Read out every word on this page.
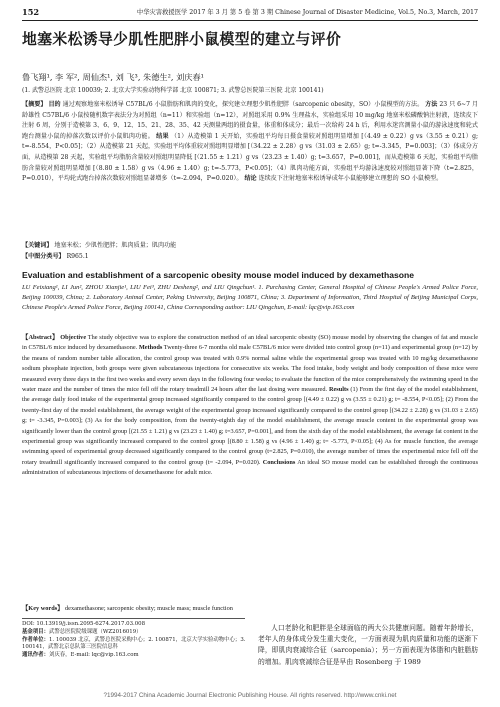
152	中华灾害救援医学 2017 年 3 月 第 5 卷 第 3 期 Chinese Journal of Disaster Medicine, Vol.5, No.3, March, 2017
地塞米松诱导少肌性肥胖小鼠模型的建立与评价
鲁飞翔¹, 李 军², 周仙杰¹, 刘 飞³, 朱德生², 刘庆春¹
(1. 武警总医院 北京 100039; 2. 北京大学实验动物科学部 北京 100871; 3. 武警总医院第三医院 北京 100141)
【摘要】 目的 通过观察地塞米松诱导 C57BL/6 小鼠脂肪和肌肉的变化，探究建立理想少肌性肥胖（sarcopenic obesity，SO）小鼠模型的方法。 方法 23 只 6~7 月龄雄性 C57BL/6 小鼠按随机数字表法分为对照组（n=11）和实验组（n=12），对照组采用 0.9% 生理盐水，实验组采用 10 mg/kg 地塞米松磷酸钠注射液，连续皮下注射 6 周，分别于造模第 3、6、9、12、15、21、28、35、42 天测量两组的摄食量，体重和体成分；最后一次给药 24 h 后，利用水迷宫测量小鼠的游泳速度和轮式跑台测量小鼠的掉落次数以评价小鼠肌肉功能。 结果 （1）从造模第 1 天开始，实验组平均每日摄食量较对照组明显增加 [（4.49 ± 0.22）g vs（3.55 ± 0.21）g; t=-8.554，P<0.05]；（2）从造模第 21 天起，实验组平均体重较对照组明显增加 [（34.22 ± 2.28）g vs（31.03 ± 2.65）g; t=-3.345，P=0.003]；（3）体成分方面，从造模第 28 天起，实验组平均脂肪含量较对照组明显降低 [（21.55 ± 1.21）g vs（23.23 ± 1.40）g; t=3.657，P=0.001]，而从造模第 6 天起，实验组平均脂肪含量较对照组明显增加 [（8.80 ± 1.58）g vs（4.96 ± 1.40）g; t=-5.773，P<0.05]；（4）肌肉功能方面，实验组平均游泳速度较对照组显著下降（t=2.825，P=0.010），平均轮式跑台掉落次数较对照组显著增多（t=-2.094，P=0.020）。 结论 连续皮下注射地塞米松诱导成年小鼠能够建立理想的 SO 小鼠模型。
【关键词】 地塞米松；少肌性肥胖；肌肉质量；肌肉功能
【中图分类号】 R965.1
Evaluation and establishment of a sarcopenic obesity mouse model induced by dexamethasone
LU Feixiang¹, LI Jun², ZHOU Xianjie¹, LIU Fei³, ZHU Desheng², and LIU Qingchun¹. 1. Purchasing Center, General Hospital of Chinese People's Armed Police Force, Beijing 100039, China; 2. Laboratory Animal Center, Peking University, Beijing 100871, China; 3. Department of Information, Third Hospital of Beijing Municipal Corps, Chinese People's Armed Police Force, Beijing 100141, China Corresponding author: LIU Qingchun, E-mail: lqc@vip.163.com
【Abstract】 Objective The study objective was to explore the construction method of an ideal sarcopenic obesity (SO) mouse model by observing the changes of fat and muscle in C57BL/6 mice induced by dexamethasone. Methods Twenty-three 6-7 months old male C57BL/6 mice were divided into control group (n=11) and experimental group (n=12) by the means of random number table allocation, the control group was treated with 0.9% normal saline while the experimental group was treated with 10 mg/kg dexamethasone sodium phosphate injection, both groups were given subcutaneous injections for consecutive six weeks. The food intake, body weight and body composition of these mice were measured every three days in the first two weeks and every seven days in the following four weeks; to evaluate the function of the mice comprehensively the swimming speed in the water maze and the number of times the mice fell off the rotary treadmill 24 hours after the last dosing were measured. Results (1) From the first day of the model establishment, the average daily food intake of the experimental group increased significantly compared to the control group [(4.49 ± 0.22) g vs (3.55 ± 0.21) g; t= -8.554, P<0.05]; (2) From the twenty-first day of the model establishment, the average weight of the experimental group increased significantly compared to the control group [(34.22 ± 2.28) g vs (31.03 ± 2.65) g; t= -3.345, P=0.003]; (3) As for the body composition, from the twenty-eighth day of the model establishment, the average muscle content in the experimental group was significantly lower than the control group [(21.55 ± 1.21) g vs (23.23 ± 1.40) g; t=3.657, P=0.001], and from the sixth day of the model establishment, the average fat content in the experimental group was significantly increased compared to the control group [(8.80 ± 1.58) g vs (4.96 ± 1.40) g; t= -5.773, P<0.05]; (4) As for muscle function, the average swimming speed of experimental group decreased significantly compared to the control group (t=2.825, P=0.010), the average number of times the experimental mice fell off the rotary treadmill significantly increased compared to the control group (t= -2.094, P=0.020). Conclusions An ideal SO mouse model can be established through the continuous administration of subcutaneous injections of dexamethasone for adult mice.
【Key words】 dexamethasone; sarcopenic obesity; muscle mass; muscle function
DOI: 10.13919/j.issn.2095-6274.2017.03.008
基金项目：武警总医院院级课题（WZ2016019）
作者单位：1. 100039 北京，武警总医院采购中心；2. 100871，北京大学实验动物中心；3. 100141，武警北京总队第三医院信息科
通讯作者：刘庆春，E-mail: lqc@vip.163.com
人口老龄化和肥胖是全球面临的两大公共健康问题。随着年龄增长，老年人的身体成分发生重大变化，一方面表现为肌肉质量和功能的逐渐下降，即肌肉衰减综合征（sarcopenia）；另一方面表现为体脂和内脏脂肪的增加。肌肉衰减综合征是早由 Rosenberg 于 1989
?1994-2017 China Academic Journal Electronic Publishing House. All rights reserved. http://www.cnki.net
